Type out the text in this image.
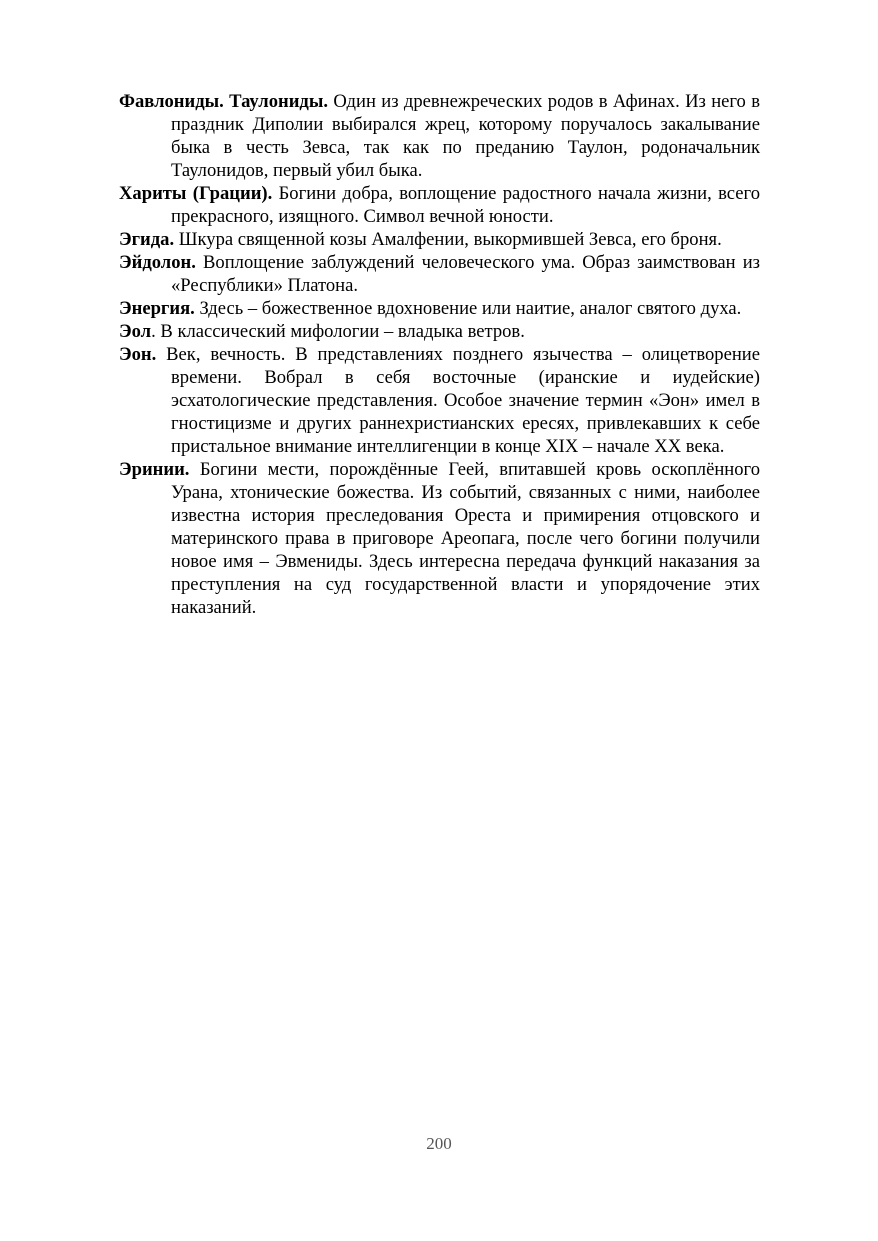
Фавлониды. Таулониды. Один из древнежреческих родов в Афинах. Из него в праздник Диполии выбирался жрец, которому поручалось закалывание быка в честь Зевса, так как по преданию Таулон, родоначальник Таулонидов, первый убил быка.

Хариты (Грации). Богини добра, воплощение радостного начала жизни, всего прекрасного, изящного. Символ вечной юности.

Эгида. Шкура священной козы Амалфении, выкормившей Зевса, его броня.

Эйдолон. Воплощение заблуждений человеческого ума. Образ заимствован из «Республики» Платона.

Энергия. Здесь – божественное вдохновение или наитие, аналог святого духа.

Эол. В классический мифологии – владыка ветров.

Эон. Век, вечность. В представлениях позднего язычества – олицетворение времени. Вобрал в себя восточные (иранские и иудейские) эсхатологические представления. Особое значение термин «Эон» имел в гностицизме и других раннехристианских ересях, привлекавших к себе пристальное внимание интеллигенции в конце XIX – начале XX века.

Эринии. Богини мести, порождённые Геей, впитавшей кровь оскоплённого Урана, хтонические божества. Из событий, связанных с ними, наиболее известна история преследования Ореста и примирения отцовского и материнского права в приговоре Ареопага, после чего богини получили новое имя – Эвмениды. Здесь интересна передача функций наказания за преступления на суд государственной власти и упорядочение этих наказаний.

200
